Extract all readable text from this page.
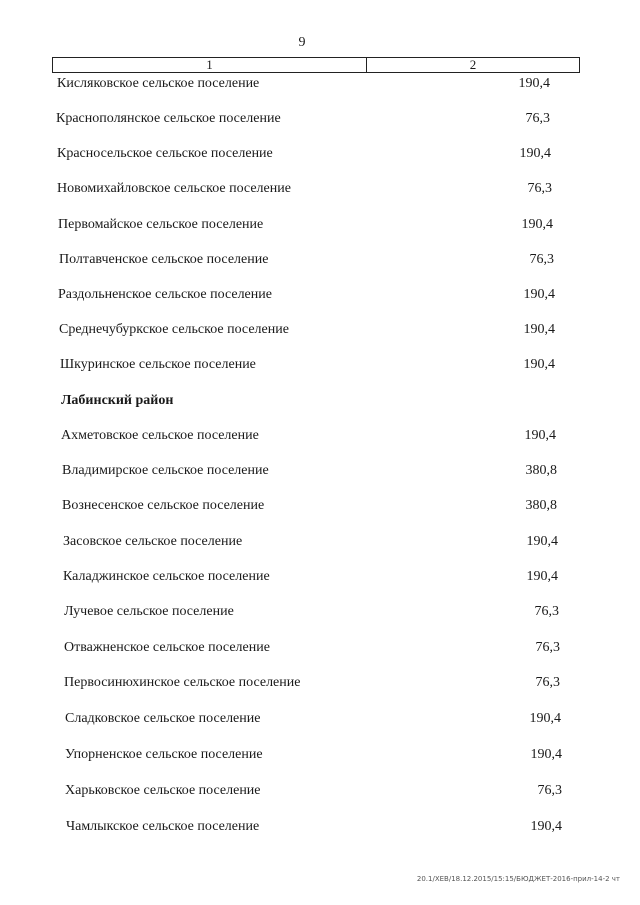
9
1	2
Кисляковское сельское поселение	190,4
Краснополянское сельское поселение	76,3
Красносельское сельское поселение	190,4
Новомихайловское сельское поселение	76,3
Первомайское сельское поселение	190,4
Полтавченское сельское поселение	76,3
Раздольненское сельское поселение	190,4
Среднечубуркское сельское поселение	190,4
Шкуринское сельское поселение	190,4
Лабинский район
Ахметовское сельское поселение	190,4
Владимирское сельское поселение	380,8
Вознесенское сельское поселение	380,8
Засовское сельское поселение	190,4
Каладжинское сельское поселение	190,4
Лучевое сельское поселение	76,3
Отважненское сельское поселение	76,3
Первосинюхинское сельское поселение	76,3
Сладковское сельское поселение	190,4
Упорненское сельское поселение	190,4
Харьковское сельское поселение	76,3
Чамлыкское сельское поселение	190,4
20.1/ХЕВ/18.12.2015/15:15/БЮДЖЕТ-2016-прил-14-2 чт
